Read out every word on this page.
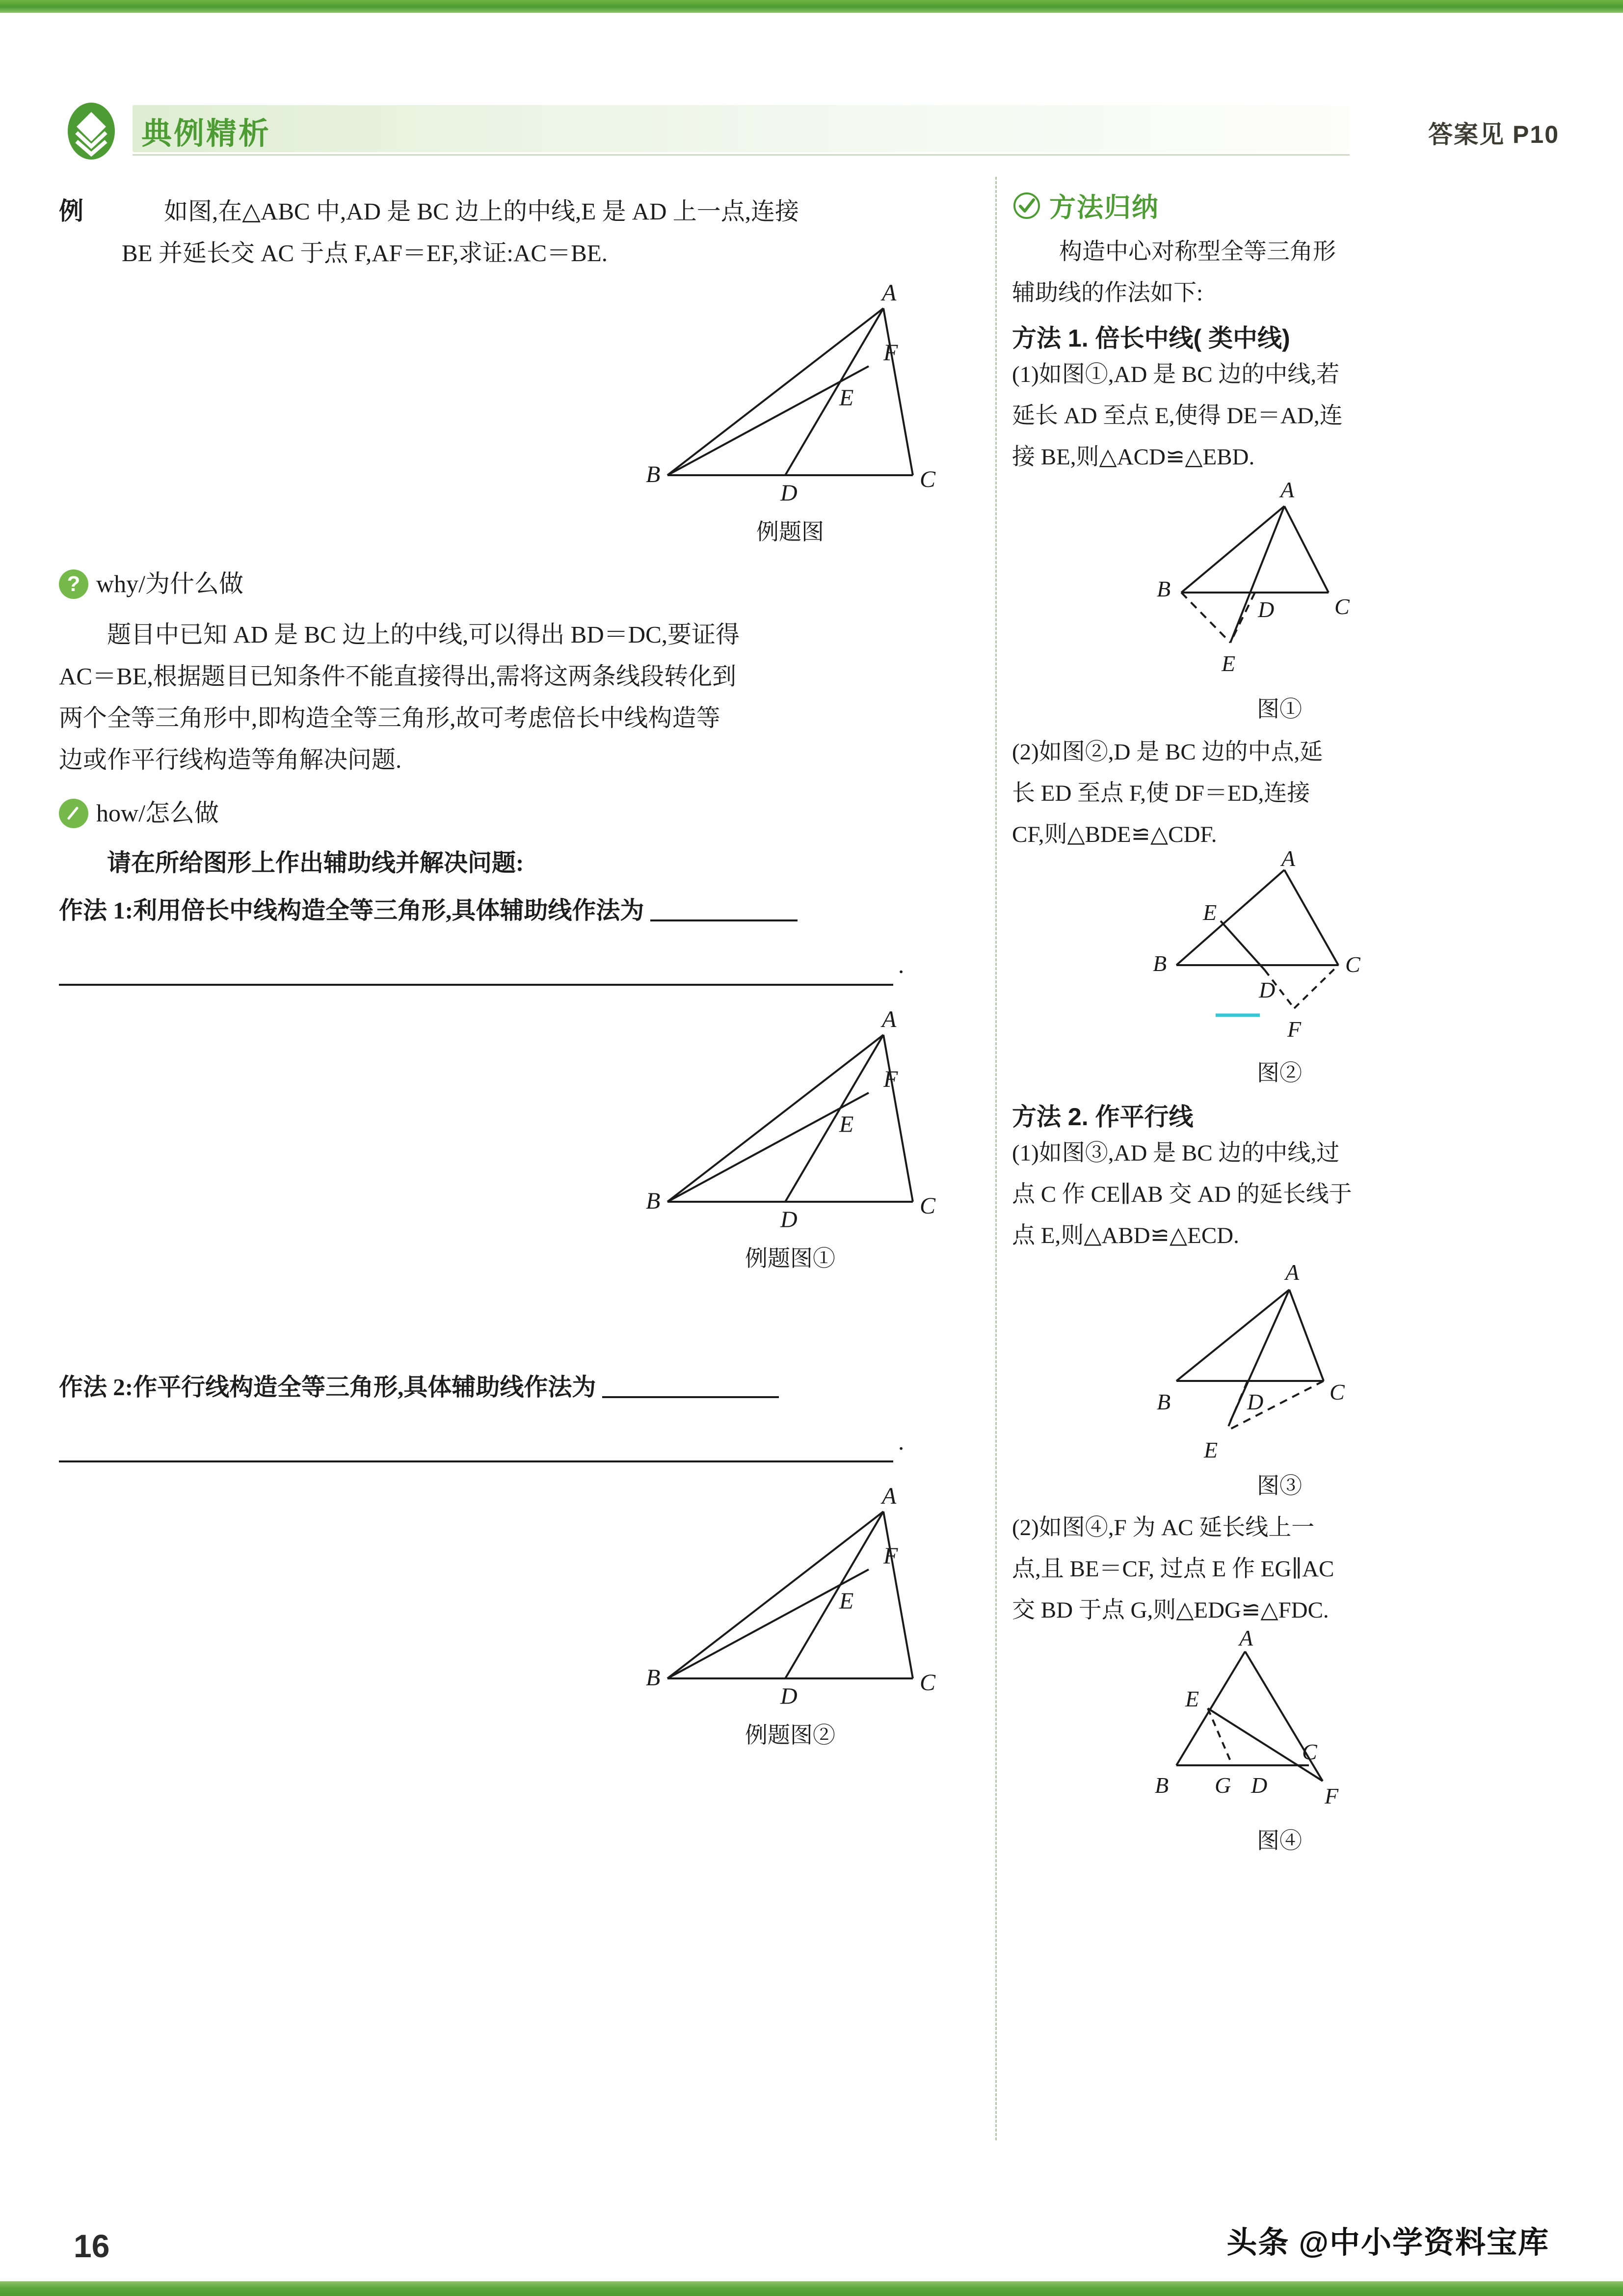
典例精析	答案见 P10
例	如图,在△ABC 中,AD 是 BC 边上的中线,E 是 AD 上一点,连接
BE 并延长交 AC 于点 F,AF＝EF,求证:AC＝BE.
A
B	C
D
E
F
例题图
? why/为什么做
题目中已知 AD 是 BC 边上的中线,可以得出 BD＝DC,要证得
AC＝BE,根据题目已知条件不能直接得出,需将这两条线段转化到
两个全等三角形中,即构造全等三角形,故可考虑倍长中线构造等
边或作平行线构造等角解决问题.
how/怎么做
请在所给图形上作出辅助线并解决问题:
作法 1:利用倍长中线构造全等三角形,具体辅助线作法为
.
A
B	C
D
E
F
例题图①
作法 2:作平行线构造全等三角形,具体辅助线作法为
.
A
B	C
D
E
F
例题图②
方法归纳
构造中心对称型全等三角形
辅助线的作法如下:
方法 1. 倍长中线( 类中线)
(1)如图①,AD 是 BC 边的中线,若
延长 AD 至点 E,使得 DE＝AD,连
接 BE,则△ACD≌△EBD.
A
B
C
D
E
图①
(2)如图②,D 是 BC 边的中点,延
长 ED 至点 F,使 DF＝ED,连接
CF,则△BDE≌△CDF.
A
B	C
D
E
F
图②
方法 2. 作平行线
(1)如图③,AD 是 BC 边的中线,过
点 C 作 CE∥AB 交 AD 的延长线于
点 E,则△ABD≌△ECD.
A
B	C
D
E
图③
(2)如图④,F 为 AC 延长线上一
点,且 BE＝CF, 过点 E 作 EG∥AC
交 BD 于点 G,则△EDG≌△FDC.
A
B
C
D
E
F
G
图④
16	头条 @中小学资料宝库
